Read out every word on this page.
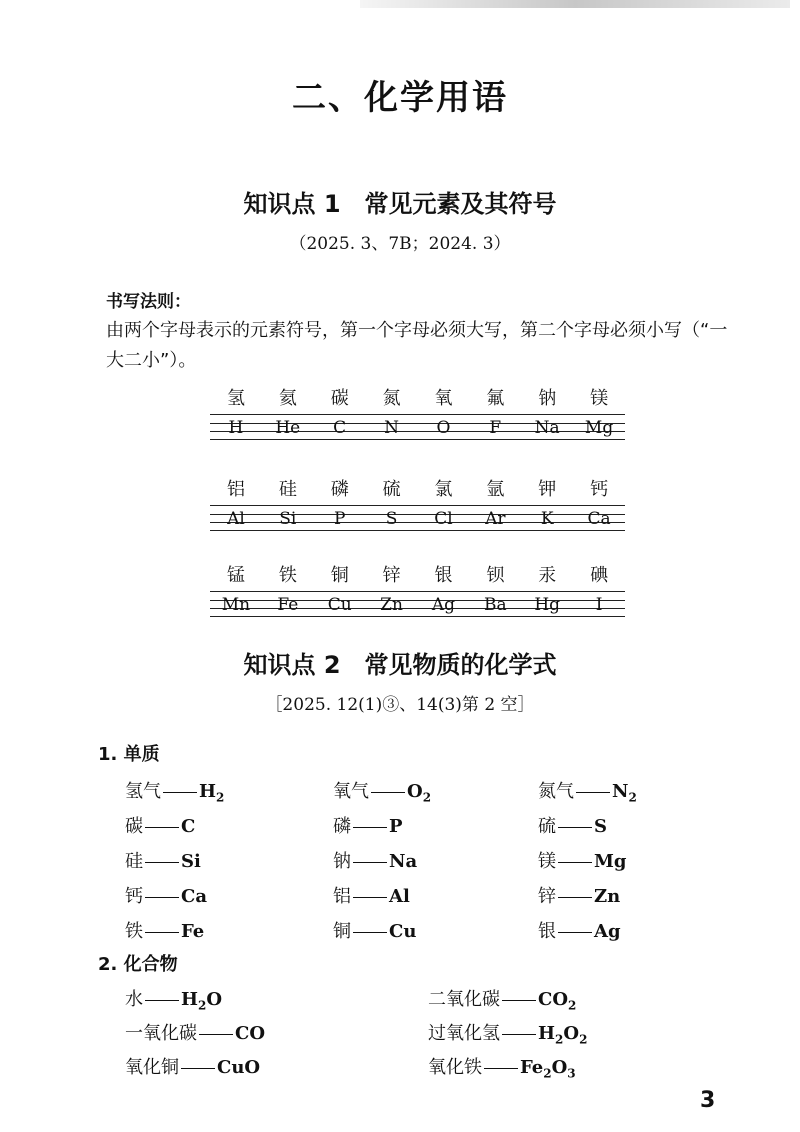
二、化学用语
知识点 1 常见元素及其符号
（2025. 3、7B；2024. 3）
书写法则：
由两个字母表示的元素符号，第一个字母必须大写，第二个字母必须小写（“一大二小”）。
氢	氦	碳	氮	氧	氟	钠	镁
H	He	C	N	O	F	Na	Mg
铝	硅	磷	硫	氯	氩	钾	钙
Al	Si	P	S	Cl	Ar	K	Ca
锰	铁	铜	锌	银	钡	汞	碘
Mn	Fe	Cu	Zn	Ag	Ba	Hg	I
知识点 2 常见物质的化学式
［2025. 12(1)③、14(3)第 2 空］
1. 单质
氢气 $H_2$	氧气 $O_2$	氮气 $N_2$
碳 C	磷 P	硫 S
硅 Si	钠 Na	镁 Mg
钙 Ca	铝 Al	锌 Zn
铁 Fe	铜 Cu	银 Ag
2. 化合物
水 $H_2O$	二氧化碳 $CO_2$
一氧化碳 CO	过氧化氢 $H_2O_2$
氧化铜 CuO	氧化铁 $Fe_2O_3$
3
